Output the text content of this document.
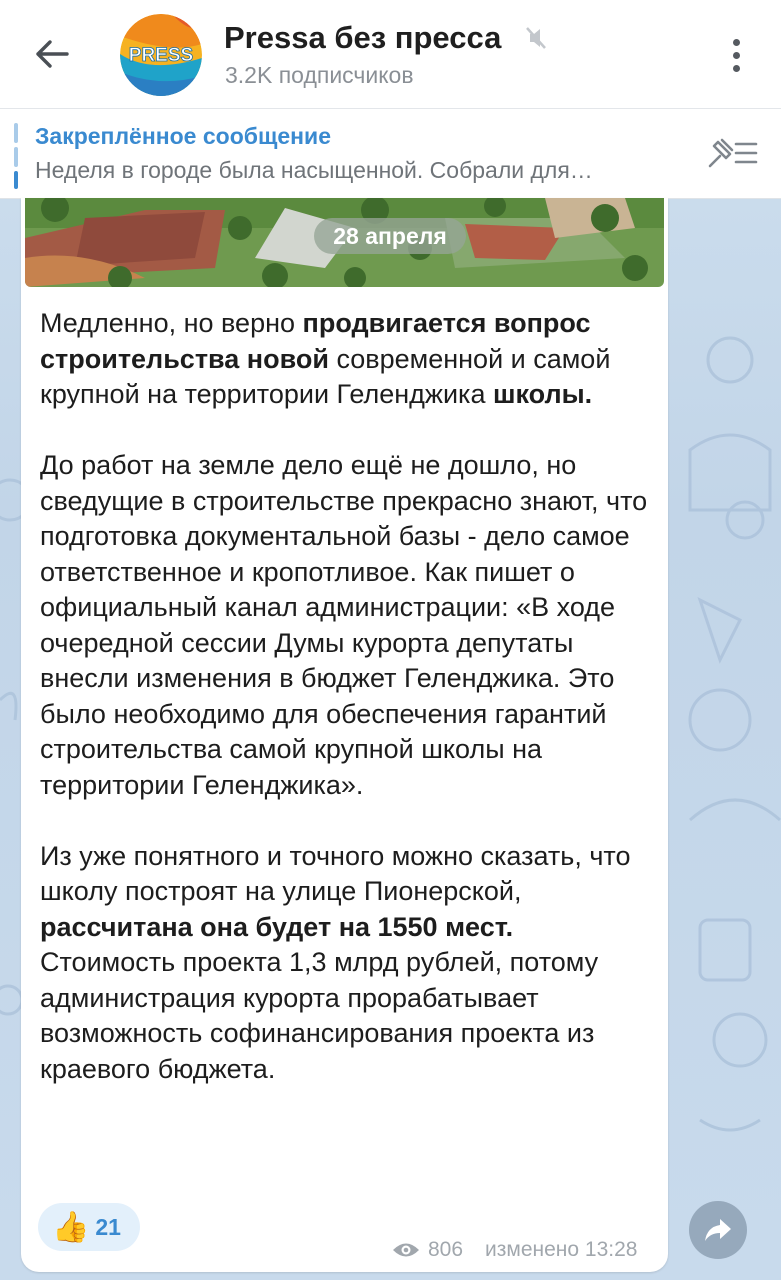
PRESS
Pressa без пресса
3.2K подписчиков
Закреплённое сообщение
Неделя в городе была насыщенной. Собрали для…
28 апреля

Медленно, но верно продвигается вопрос строительства новой современной и самой крупной на территории Геленджика школы.

До работ на земле дело ещё не дошло, но сведущие в строительстве прекрасно знают, что подготовка документальной базы - дело самое ответственное и кропотливое. Как пишет о официальный канал администрации: «В ходе очередной сессии Думы курорта депутаты внесли изменения в бюджет Геленджика. Это было необходимо для обеспечения гарантий строительства самой крупной школы на территории Геленджика».

Из уже понятного и точного можно сказать, что школу построят на улице Пионерской, рассчитана она будет на 1550 мест. Стоимость проекта 1,3 млрд рублей, потому администрация курорта прорабатывает возможность софинансирования проекта из краевого бюджета.

👍 21
806 изменено 13:28
